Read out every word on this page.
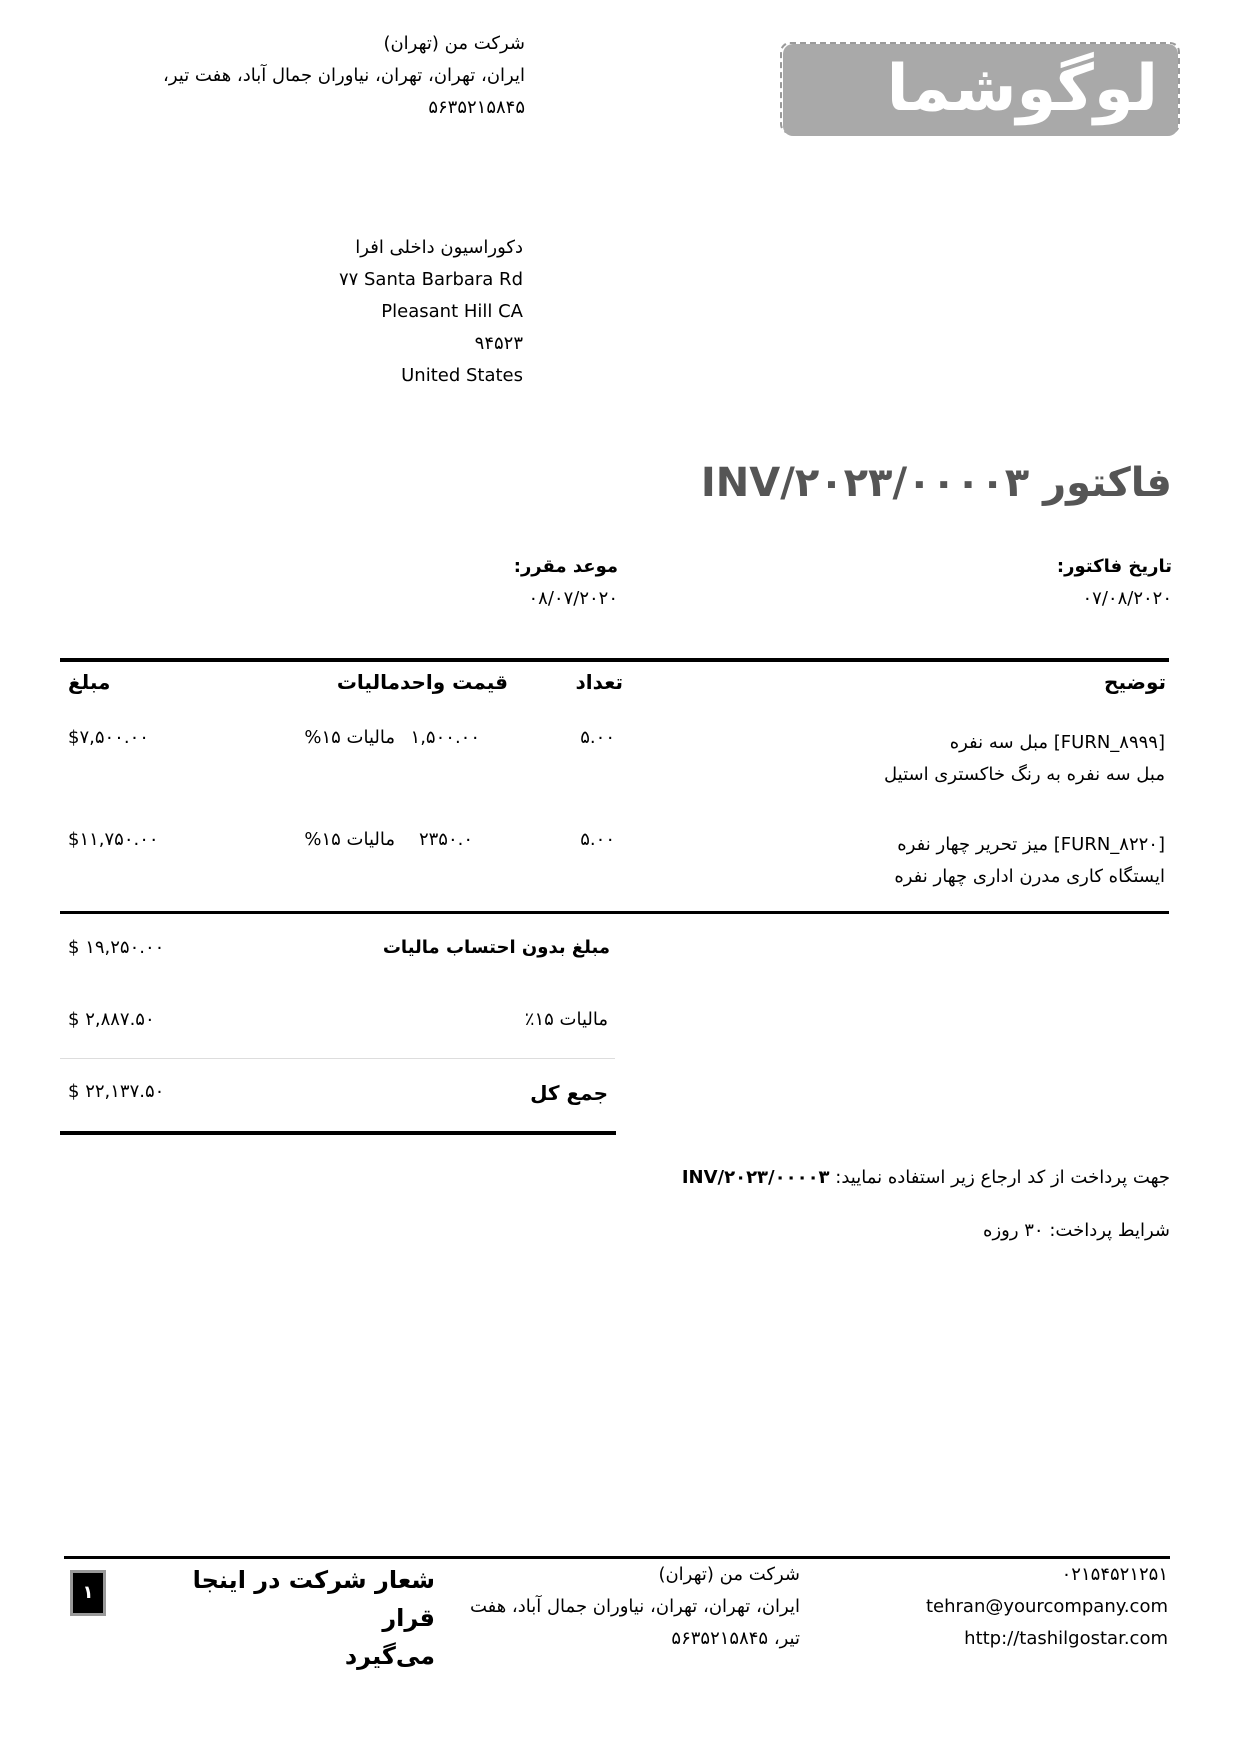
شرکت من (تهران)
ایران، تهران، تهران، نیاوران جمال آباد، هفت تیر،
۵۶۳۵۲۱۵۸۴۵	لوگوشما
دکوراسیون داخلی افرا
۷۷ Santa Barbara Rd
Pleasant Hill CA
۹۴۵۲۳
United States
فاکتور INV/۲۰۲۳/۰۰۰۰۳
تاریخ فاکتور:
۰۷/۰۸/۲۰۲۰
موعد مقرر:
۰۸/۰۷/۲۰۲۰
توضیح
تعداد
قیمت واحد
مالیات
مبلغ
[FURN_۸۹۹۹] مبل سه نفره
مبل سه نفره به رنگ خاکستری استیل
۵.۰۰
۱,۵۰۰.۰۰
مالیات ۱۵%
$۷,۵۰۰.۰۰
[FURN_۸۲۲۰] میز تحریر چهار نفره
ایستگاه کاری مدرن اداری چهار نفره
۵.۰۰
۲۳۵۰.۰
مالیات ۱۵%
$۱۱,۷۵۰.۰۰
مبلغ بدون احتساب مالیات
۱۹,۲۵۰.۰۰ $
مالیات ۱۵٪
۲,۸۸۷.۵۰ $
جمع کل
۲۲,۱۳۷.۵۰ $
جهت پرداخت از کد ارجاع زیر استفاده نمایید: INV/۲۰۲۳/۰۰۰۰۳
شرایط پرداخت: ۳۰ روزه
۰۲۱۵۴۵۲۱۲۵۱
tehran@yourcompany.com
http://tashilgostar.com
شرکت من (تهران)
ایران، تهران، تهران، نیاوران جمال آباد، هفت
تیر، ۵۶۳۵۲۱۵۸۴۵
شعار شرکت در اینجا قرار
می‌گیرد
۱
